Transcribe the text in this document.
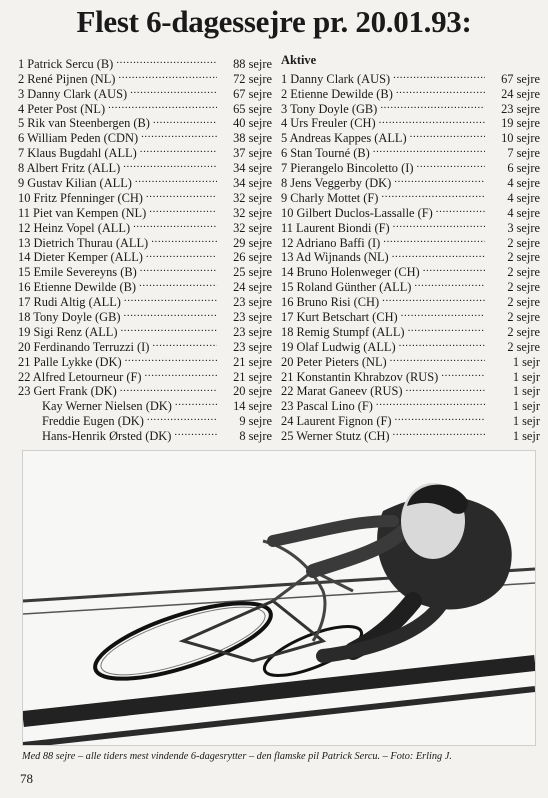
Flest 6-dagessejre pr. 20.01.93:
1 Patrick Sercu (B) .....	88 sejre
2 René Pijnen (NL) .....	72 sejre
3 Danny Clark (AUS) .....	67 sejre
4 Peter Post (NL) .....	65 sejre
5 Rik van Steenbergen (B) .....	40 sejre
6 William Peden (CDN) .....	38 sejre
7 Klaus Bugdahl (ALL) .....	37 sejre
8 Albert Fritz (ALL) .....	34 sejre
9 Gustav Kilian (ALL) .....	34 sejre
10 Fritz Pfenninger (CH) .....	32 sejre
11 Piet van Kempen (NL) .....	32 sejre
12 Heinz Vopel (ALL) .....	32 sejre
13 Dietrich Thurau (ALL) .....	29 sejre
14 Dieter Kemper (ALL) .....	26 sejre
15 Emile Severeyns (B) .....	25 sejre
16 Etienne Dewilde (B) .....	24 sejre
17 Rudi Altig (ALL) .....	23 sejre
18 Tony Doyle (GB) .....	23 sejre
19 Sigi Renz (ALL) .....	23 sejre
20 Ferdinando Terruzzi (I) .....	23 sejre
21 Palle Lykke (DK) .....	21 sejre
22 Alfred Letourneur (F) .....	21 sejre
23 Gert Frank (DK) .....	20 sejre
Kay Werner Nielsen (DK) .....	14 sejre
Freddie Eugen (DK) .....	9 sejre
Hans-Henrik Ørsted (DK) .....	8 sejre
Aktive
1 Danny Clark (AUS) .....	67 sejre
2 Etienne Dewilde (B) .....	24 sejre
3 Tony Doyle (GB) .....	23 sejre
4 Urs Freuler (CH) .....	19 sejre
5 Andreas Kappes (ALL) .....	10 sejre
6 Stan Tourné (B) .....	7 sejre
7 Pierangelo Bincoletto (I) .....	6 sejre
8 Jens Veggerby (DK) .....	4 sejre
9 Charly Mottet (F) .....	4 sejre
10 Gilbert Duclos-Lassalle (F) .....	4 sejre
11 Laurent Biondi (F) .....	3 sejre
12 Adriano Baffi (I) .....	2 sejre
13 Ad Wijnands (NL) .....	2 sejre
14 Bruno Holenweger (CH) .....	2 sejre
15 Roland Günther (ALL) .....	2 sejre
16 Bruno Risi (CH) .....	2 sejre
17 Kurt Betschart (CH) .....	2 sejre
18 Remig Stumpf (ALL) .....	2 sejre
19 Olaf Ludwig (ALL) .....	2 sejre
20 Peter Pieters (NL) .....	1 sejr
21 Konstantin Khrabzov (RUS) .....	1 sejr
22 Marat Ganeev (RUS) .....	1 sejr
23 Pascal Lino (F) .....	1 sejr
24 Laurent Fignon (F) .....	1 sejr
25 Werner Stutz (CH) .....	1 sejr
Med 88 sejre – alle tiders mest vindende 6-dagesrytter – den flamske pil Patrick Sercu. – Foto: Erling J.
78
